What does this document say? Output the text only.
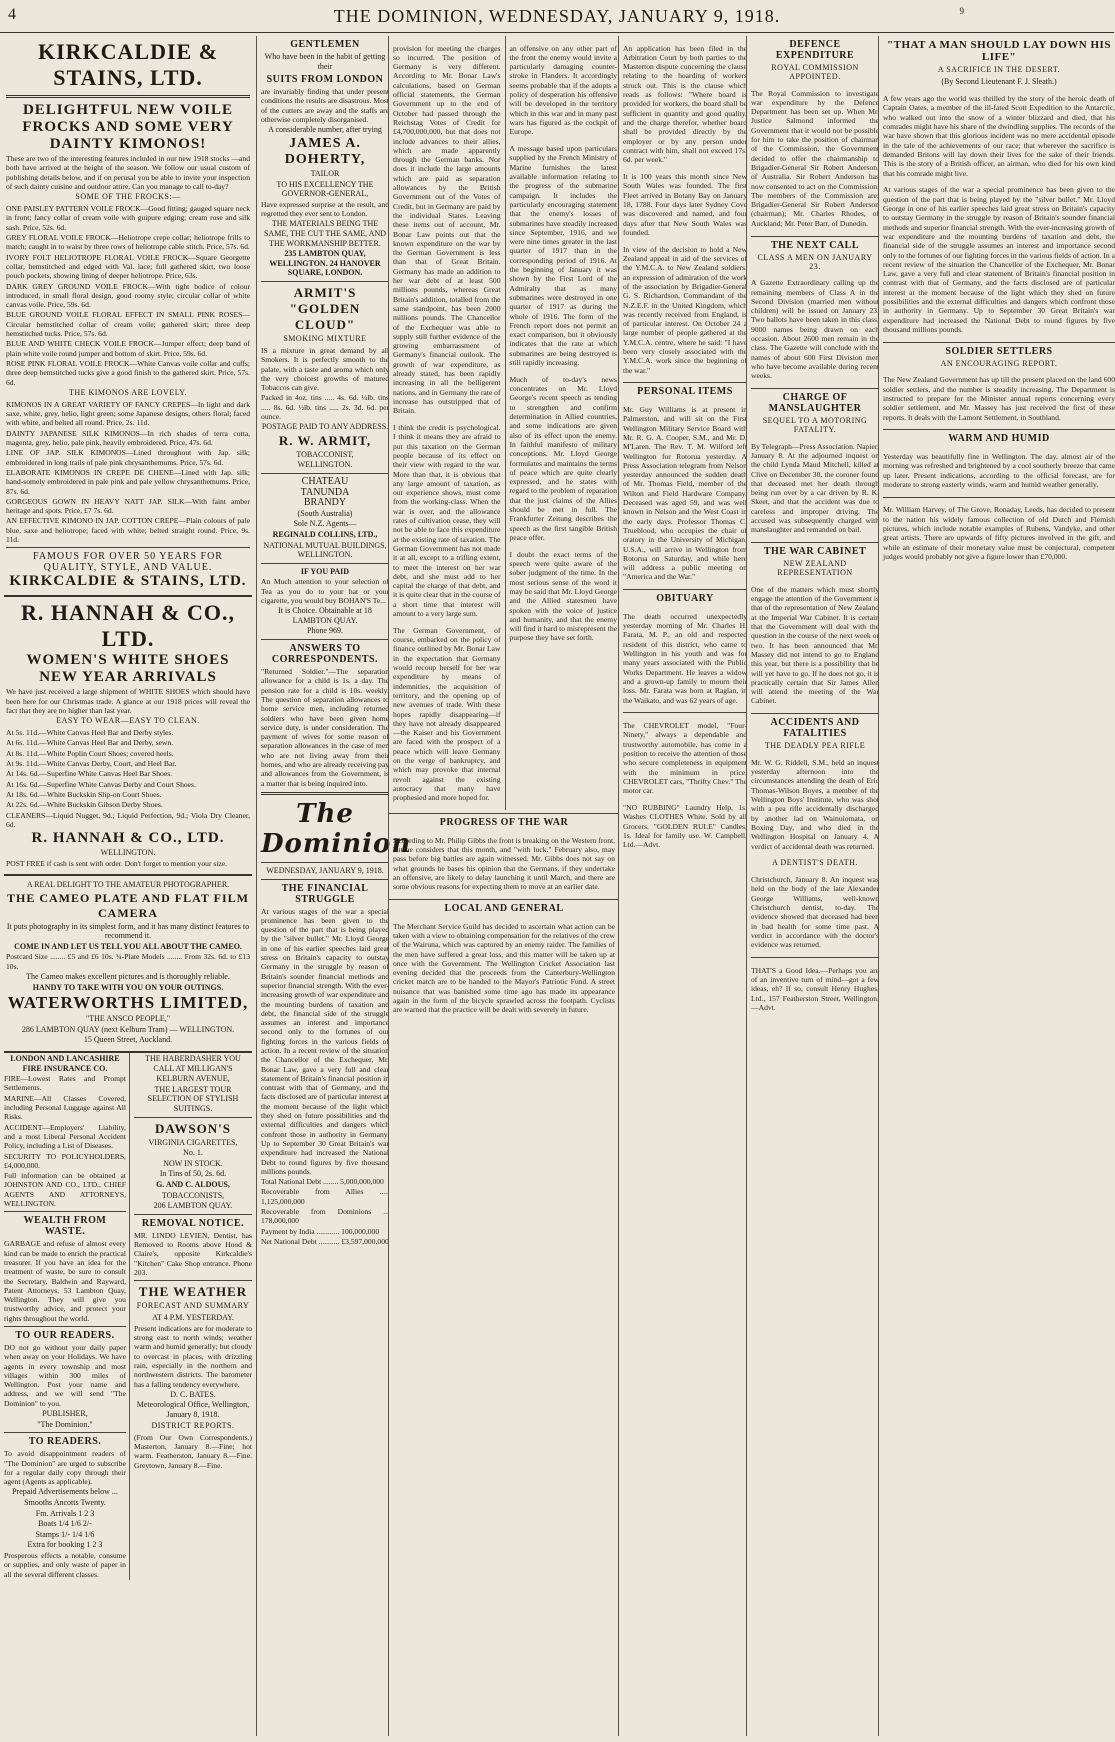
4	THE DOMINION, WEDNESDAY, JANUARY 9, 1918.	9
KIRKCALDIE & STAINS, LTD.
DELIGHTFUL NEW VOILE FROCKS AND SOME VERY DAINTY KIMONOS!

These are two of the interesting features included in our new 1918 stocks —and both have arrived at the height of the season. We follow our usual custom of publishing details below, and if on perusal you be able to invite your inspection of such dainty cuisine and outdoor attire, Can you manage to call to-day?

SOME OF THE FROCKS:—

ONE PAISLEY PATTERN VOILE FROCK—Good fitting; gauged square neck in front; fancy collar of cream voile with guipure edging; cream rose and silk sash. Price, 52s. 6d.

GREY FLORAL VOILE FROCK—Heliotrope crepe collar; heliotrope frills to match; caught in to waist by three rows of heliotrope cable stitch. Price, 57s. 6d.

IVORY FOLT HELIOTROPE FLORAL VOILE FROCK—Square Georgette collar, hemstitched and edged with Val. lace; full gathered skirt, two loose pouch pockets, showing lining of deeper heliotrope. Price, 63s.

DARK GREY GROUND VOILE FROCK—With tight bodice of colour introduced, in small floral design, good roomy style; circular collar of white canvas voile. Price, 59s. 6d.

BLUE GROUND VOILE FLORAL EFFECT IN SMALL PINK ROSES—Circular hemstitched collar of cream voile; gathered skirt; three deep hemstitched tucks. Price, 57s. 6d.

BLUE AND WHITE CHECK VOILE FROCK—Jumper effect; deep band of plain white voile round jumper and bottom of skirt. Price, 59s. 6d.

ROSE PINK FLORAL VOILE FROCK—White Canvas voile collar and cuffs; three deep hemstitched tucks give a good finish to the gathered skirt. Price, 57s. 6d.

THE KIMONOS ARE LOVELY.

KIMONOS IN A GREAT VARIETY OF FANCY CREPES—In light and dark saxe, white, grey, helio, light green; some Japanese designs, others floral; faced with white, and belted all round. Price, 2s. 11d.

DAINTY JAPANESE SILK KIMONOS—In rich shades of terra cotta, magenta, grey, helio, pale pink, heavily embroidered. Price, 47s. 6d.

LINE OF JAP. SILK KIMONOS—Lined throughout with Jap. silk; embroidered in long trails of pale pink chrysanthemums. Price, 57s. 6d.

ELABORATE KIMONOS IN CREPE DE CHENE—Lined with Jap. silk; hand-somely embroidered in pale pink and pale yellow chrysanthemums. Price, 87s. 6d.

GORGEOUS GOWN IN HEAVY NATT JAP. SILK—With faint amber heritage and spots. Price, £7 7s. 6d.

AN EFFECTIVE KIMONO IN JAP. COTTON CREPE—Plain colours of pale blue, saxe and heliotrope; faced with white; belted straight round. Price, 9s. 11d.

FAMOUS FOR OVER 50 YEARS FOR QUALITY, STYLE, AND VALUE.
KIRKCALDIE & STAINS, LTD.
R. HANNAH & CO., LTD.
WOMEN'S WHITE SHOES
NEW YEAR ARRIVALS

We have just received a large shipment of WHITE SHOES which should have been here for our Christmas trade. A glance at our 1918 prices will reveal the fact that they are no higher than last year.

EASY TO WEAR—EASY TO CLEAN.

At 5s. 11d.—White Canvas Heel Bar and Derby styles.

At 6s. 11d.—White Canvas Heel Bar and Derby, sewn.

At 8s. 11d.—White Poplin Court Shoes; covered heels.

At 9s. 11d.—White Canvas Derby, Court, and Heel Bar.

At 14s. 6d.—Superfine White Canvas Heel Bar Shoes.

At 16s. 6d.—Superfine White Canvas Derby and Court Shoes.

At 18s. 6d.—White Buckskin Slip-on Court Shoes.

At 22s. 6d.—White Buckskin Gibson Derby Shoes.

CLEANERS—Liquid Nugget, 9d.; Liquid Perfection, 9d.; Viola Dry Cleaner, 6d.

R. HANNAH & CO., LTD.
WELLINGTON.

POST FREE if cash is sent with order. Don't forget to mention your size.

A REAL DELIGHT TO THE AMATEUR PHOTOGRAPHER.
THE CAMEO PLATE AND FLAT FILM CAMERA

It puts photography in its simplest form, and it has many distinct features to recommend it.

COME IN AND LET US TELL YOU ALL ABOUT THE CAMEO.

Postcard Size ........ £5 and £6 10s. ¼-Plate Models ........ From 32s. 6d. to £13 10s.

The Cameo makes excellent pictures and is thoroughly reliable.

HANDY TO TAKE WITH YOU ON YOUR OUTINGS.
WATERWORTHS LIMITED,
"THE ANSCO PEOPLE,"
286 LAMBTON QUAY (next Kelburn Tram) — WELLINGTON.
15 Queen Street, Auckland.
LONDON AND LANCASHIRE FIRE INSURANCE CO.

FIRE—Lowest Rates and Prompt Settlements.

MARINE—All Classes Covered, including Personal Luggage against All Risks.

ACCIDENT—Employers' Liability, and a most Liberal Personal Accident Policy, including a List of Diseases.

SECURITY TO POLICYHOLDERS, £4,000,000.

Full information can be obtained at JOHNSTON AND CO., LTD., CHIEF AGENTS AND ATTORNEYS, WELLINGTON.

WEALTH FROM WASTE.

GARBAGE and refuse of almost every kind can be made to enrich the practical treasurer. If you have an idea for the treatment of waste, be sure to consult the Secretary, Baldwin and Rayward, Patent Attorneys, 53 Lambton Quay, Wellington. They will give you trustworthy advice, and protect your rights throughout the world.

TO OUR READERS.

DO not go without your daily paper when away on your Holidays. We have agents in every township and most villages within 300 miles of Wellington. Post your name and address, and we will send "The Dominion" to you.

PUBLISHER,
"The Dominion."
TO READERS.

To avoid disappointment readers of "The Dominion" are urged to subscribe for a regular daily copy through their agent (Agents as applicable).

Prepaid Advertisements below ...
Smooths Ancotts Twenty.
Fm. Arrivals 1 2 3
Boats 1/4 1/6 2/-
Stamps 1/- 1/4 1/6
Extra for booking 1 2 3

Prosperous effects a notable, consume or supplies, and only waste of paper in all the several different classes.

THE HABERDASHER YOU CALL AT MILLIGAN'S

KELBURN AVENUE,

THE LARGEST TOUR SELECTION OF STYLISH SUITINGS.

DAWSON'S
VIRGINIA CIGARETTES,
No. 1.
NOW IN STOCK.
In Tins of 50, 2s. 6d.
G. AND C. ALDOUS,
TOBACCONISTS,
206 LAMBTON QUAY.
REMOVAL NOTICE.

MR. LINDO LEVIEN, Dentist, has Removed to Rooms above Hood & Claire's, opposite Kirkcaldie's "Kitchen" Cake Shop entrance. Phone 203.

THE WEATHER
FORECAST AND SUMMARY
AT 4 P.M. YESTERDAY.

Present indications are for moderate to strong east to north winds; weather warm and humid generally; but cloudy to overcast in places, with drizzling rain, especially in the northern and northwestern districts. The barometer has a falling tendency everywhere.

D. C. BATES.
Meteorological Office, Wellington, January 8, 1918.
DISTRICT REPORTS.

(From Our Own Correspondents.) Masterton, January 8.—Fine; hot warm. Featherston, January 8.—Fine. Greytown, January 8.—Fine.

GENTLEMEN

Who have been in the habit of getting their

SUITS FROM LONDON

are invariably finding that under present conditions the results are disastrous. Most of the cutters are away and the staffs are otherwise completely disorganised.

A considerable number, after trying

JAMES A. DOHERTY,
TAILOR
TO HIS EXCELLENCY THE GOVERNOR-GENERAL,

Have expressed surprise at the result, and regretted they ever sent to London.

THE MATERIALS BEING THE SAME, THE CUT THE SAME, AND THE WORKMANSHIP BETTER.

235 LAMBTON QUAY, WELLINGTON. 24 HANOVER SQUARE, LONDON.

ARMIT'S
"GOLDEN CLOUD"
SMOKING MIXTURE

IS a mixture in great demand by all Smokers. It is perfectly smooth to the palate, with a taste and aroma which only the very choicest growths of matured Tobaccos can give.

Packed in 4oz. tins ..... 4s. 6d. ¼lb. tins ..... 8s. 6d. ½lb. tins ..... 2s. 3d. 6d. per ounce.

POSTAGE PAID TO ANY ADDRESS.
R. W. ARMIT,
TOBACCONIST,
WELLINGTON.
CHATEAU
TANUNDA
BRANDY
(South Australia)
Sole N.Z. Agents—
REGINALD COLLINS, LTD.,
NATIONAL MUTUAL BUILDINGS, WELLINGTON.
IF YOU PAID

An Much attention to your selection of Tea as you do to your hat or your cigarette, you would buy BOHAN'S Te...

It is Choice. Obtainable at 18 LAMBTON QUAY.

Phone 969.
ANSWERS TO CORRESPONDENTS.

"Returned Soldier."—The separation allowance for a child is 1s. a day. The pension rate for a child is 10s. weekly. The question of separation allowances to home service men, including returned soldiers who have been given home service duty, is under consideration. The payment of wives for some reason of separation allowances in the case of men who are not living away from their homes, and who are already receiving pay and allowances from the Government, is a matter that is being inquired into.

The Dominion
WEDNESDAY, JANUARY 9, 1918.
THE FINANCIAL STRUGGLE

At various stages of the war a special prominence has been given to the question of the part that is being played by the "silver bullet." Mr. Lloyd George in one of his earlier speeches laid great stress on Britain's capacity to outstay Germany in the struggle by reason of Britain's sounder financial methods and superior financial strength. With the ever-increasing growth of war expenditure and the mounting burdens of taxation and debt, the financial side of the struggle assumes an interest and importance second only to the fortunes of our fighting forces in the various fields of action. In a recent review of the situation the Chancellor of the Exchequer, Mr. Bonar Law, gave a very full and clear statement of Britain's financial position in contrast with that of Germany, and the facts disclosed are of particular interest at the moment because of the light which they shed on future possibilities and the external difficulties and dangers which confront those in authority in Germany. Up to September 30 Great Britain's war expenditure had increased the National Debt to round figures by five thousand millions pounds.

Total National Debt ........ 5,000,000,000

Recoverable from Allies ..... 1,125,000,000

Recoverable from Dominions ... 178,000,000

Payment by India ............ 100,000,000

Net National Debt ........... £3,597,000,000

provision for meeting the charges so incurred. The position of Germany is very different. According to Mr. Bonar Law's calculations, based on German official statements, the German Government up to the end of October had passed through the Reichstag Votes of Credit for £4,700,000,000, but that does not include advances to their allies, which are made apparently through the German banks. Nor does it include the large amounts which are paid as separation allowances by the British Government out of the Votes of Credit, but in Germany are paid by the individual States. Leaving these items out of account, Mr. Bonar Law points out that the known expenditure on the war by the German Government is less than that of Great Britain. Germany has made an addition to her war debt of at least 500 millions pounds, whereas Great Britain's addition, totalled from the same standpoint, has been 2000 millions pounds. The Chancellor of the Exchequer was able to supply still further evidence of the growing embarrassment of Germany's financial outlook. The growth of war expenditure, as already stated, has been rapidly increasing in all the belligerent nations, and in Germany the rate of increase has outstripped that of Britain.

I think the credit is psychological. I think it means they are afraid to put this taxation on the German people because of its effect on their view with regard to the war. More than that, it is obvious that any large amount of taxation, as our experience shows, must come from the working-class. When the war is over, and the allowance rates of cultivation cease, they will not be able to face this expenditure at the existing rate of taxation. The German Government has not made it at all, except to a trifling extent, to meet the interest on her war debt, and she must add to her capital the charge of that debt, and it is quite clear that in the course of a short time that interest will amount to a very large sum.

The German Government, of course, embarked on the policy of finance outlined by Mr. Bonar Law in the expectation that Germany would recoup herself for her war expenditure by means of indemnities, the acquisition of territory, and the opening up of new avenues of trade. With these hopes rapidly disappearing—if they have not already disappeared—the Kaiser and his Government are faced with the prospect of a peace which will leave Germany on the verge of bankruptcy, and which may provoke that internal revolt against the existing autocracy that many have prophesied and more hoped for.

an offensive on any other part of the front the enemy would invite a particularly damaging counter-stroke in Flanders. It accordingly seems probable that if the adopts a policy of desperation his offensive will be developed in the territory which in this war and in many past wars has figured as the cockpit of Europe.

A message based upon particulars supplied by the French Ministry of Marine furnishes the latest available information relating to the progress of the submarine campaign. It includes the particularly encouraging statement that the enemy's losses of submarines have steadily increased since September, 1916, and we were nine times greater in the last quarter of 1917 than in the corresponding period of 1916. At the beginning of January it was shown by the First Lord of the Admiralty that as many submarines were destroyed in one quarter of 1917 as during the whole of 1916. The form of the French report does not permit an exact comparison, but it obviously indicates that the rate at which submarines are being destroyed is still rapidly increasing.

Much of to-day's news concentrates on Mr. Lloyd George's recent speech as tending to strengthen and confirm determination in Allied countries, and some indications are given also of its effect upon the enemy. In faithful manifesto of military conceptions. Mr. Lloyd George formulates and maintains the terms of peace which are quite clearly expressed, and he states with regard to the problem of reparation that the just claims of the Allies should be met in full. The Frankfurter Zeitung describes the speech as the first tangible British peace offer.

I doubt the exact terms of the speech were quite aware of the sober judgment of the time. In the most serious sense of the word it may be said that Mr. Lloyd George and the Allied statesmen have spoken with the voice of justice and humanity, and that the enemy will find it hard to misrepresent the purpose they have set forth.

PROGRESS OF THE WAR

According to Mr. Philip Gibbs the front is breaking on the Western front, but he considers that this month, and "with luck," February also, may pass before big battles are again witnessed. Mr. Gibbs does not say on what grounds he bases his opinion that the Germans, if they undertake an offensive, are likely to delay launching it until March, and there are some obvious reasons for expecting them to move at an earlier date.

LOCAL AND GENERAL

The Merchant Service Guild has decided to ascertain what action can be taken with a view to obtaining compensation for the relatives of the crew of the Wairuna, which was captured by an enemy raider. The families of the men have suffered a great loss, and this matter will be taken up at once with the Government. The Wellington Cricket Association last evening decided that the proceeds from the Canterbury-Wellington cricket match are to be handed to the Mayor's Patriotic Fund. A street nuisance that was banished some time ago has made its appearance again in the form of the bicycle sprawled across the footpath. Cyclists are warned that the practice will be dealt with severely in future.

An application has been filed in the Arbitration Court by both parties to the Masterton dispute concerning the clause relating to the hoarding of workers struck out. This is the clause which reads as follows: "Where board is provided for workers, the board shall be sufficient in quantity and good quality, and the charge therefor, whether board shall be provided directly by the employer or by any person under contract with him, shall not exceed 17s. 6d. per week."

It is 100 years this month since New South Wales was founded. The first Fleet arrived in Botany Bay on January 18, 1788. Four days later Sydney Cove was discovered and named, and four days after that New South Wales was founded.

In view of the decision to hold a New Zealand appeal in aid of the services of the Y.M.C.A. to New Zealand soldiers, an expression of admiration of the work of the association by Brigadier-General G. S. Richardson, Commandant of the N.Z.E.F. in the United Kingdom, which was recently received from England, is of particular interest. On October 24 a large number of people gathered at the Y.M.C.A. centre, where he said: "I have been very closely associated with the Y.M.C.A. work since the beginning of the war."

PERSONAL ITEMS

Mr. Guy Williams is at present in Palmerston, and will sit on the First Wellington Military Service Board with Mr. R. G. A. Cooper, S.M., and Mr. D. M'Laren. The Rev. T. M. Wilford left Wellington for Rotorua yesterday. A Press Association telegram from Nelson yesterday announced the sudden death of Mr. Thomas Field, member of the Wilton and Field Hardware Company. Deceased was aged 59, and was well known in Nelson and the West Coast in the early days. Professor Thomas C. Trueblood, who occupies the chair of oratory in the University of Michigan, U.S.A., will arrive in Wellington from Rotorua on Saturday, and while here will address a public meeting on "America and the War."

OBITUARY

The death occurred unexpectedly yesterday morning of Mr. Charles H. Farata, M. P., an old and respected resident of this district, who came to Wellington in his youth and was for many years associated with the Public Works Department. He leaves a widow and a grown-up family to mourn their loss. Mr. Farata was born at Raglan, in the Waikato, and was 62 years of age.

The CHEVROLET model, "Four-Ninety," always a dependable and trustworthy automobile, has come in a position to receive the attention of those who secure completeness in equipment with the minimum in price. CHEVROLET cars, "Thrifty Chev." The motor car.

"NO RUBBING" Laundry Help, 1s. Washes CLOTHES White. Sold by all Grocers. "GOLDEN RULE" Candles, 1s. Ideal for family use. W. Campbell, Ltd.—Advt.

DEFENCE EXPENDITURE
ROYAL COMMISSION APPOINTED.

The Royal Commission to investigate war expenditure by the Defence Department has been set up. When Mr. Justice Salmond informed the Government that it would not be possible for him to take the position of chairman of the Commission, the Government decided to offer the chairmanship to Brigadier-General Sir Robert Anderson, of Australia. Sir Robert Anderson has now consented to act on the Commission. The members of the Commission are: Brigadier-General Sir Robert Anderson (chairman); Mr. Charles Rhodes, of Auckland; Mr. Peter Barr, of Dunedin.

THE NEXT CALL
CLASS A MEN ON JANUARY 23.

A Gazette Extraordinary calling up the remaining members of Class A in the Second Division (married men without children) will be issued on January 23. Two ballots have been taken in this class, 9000 names being drawn on each occasion. About 2600 men remain in the class. The Gazette will conclude with the names of about 600 First Division men who have become available during recent weeks.

CHARGE OF MANSLAUGHTER
SEQUEL TO A MOTORING FATALITY.

By Telegraph—Press Association. Napier, January 8. At the adjourned inquest on the child Lynda Maud Mitchell, killed at Clive on December 30, the coroner found that deceased met her death through being run over by a car driven by R. K. Skeet, and that the accident was due to careless and improper driving. The accused was subsequently charged with manslaughter and remanded on bail.

THE WAR CABINET
NEW ZEALAND REPRESENTATION

One of the matters which must shortly engage the attention of the Government is that of the representation of New Zealand at the Imperial War Cabinet. It is certain that the Government will deal with the question in the course of the next week or two. It has been announced that Mr. Massey did not intend to go to England this year, but there is a possibility that he will yet have to go. If he does not go, it is practically certain that Sir James Allen will attend the meeting of the War Cabinet.

ACCIDENTS AND FATALITIES
THE DEADLY PEA RIFLE

Mr. W. G. Riddell, S.M., held an inquest yesterday afternoon into the circumstances attending the death of Eric Thomas-Wilson Boyes, a member of the Wellington Boys' Institute, who was shot with a pea rifle accidentally discharged by another lad on Wainuiomata, on Boxing Day, and who died in the Wellington Hospital on January 4. A verdict of accidental death was returned.

A DENTIST'S DEATH.

Christchurch, January 8. An inquest was held on the body of the late Alexander George Williams, well-known Christchurch dentist, to-day. The evidence showed that deceased had been in bad health for some time past. A verdict in accordance with the doctor's evidence was returned.

THAT'S a Good Idea.—Perhaps you are of an inventive turn of mind—got a few ideas, eh? If so, consult Henry Hughes, Ltd., 157 Featherston Street, Wellington.—Advt.

"THAT A MAN SHOULD LAY DOWN HIS LIFE"
A SACRIFICE IN THE DESERT.
(By Second Lieutenant F. J. Sleath.)

A few years ago the world was thrilled by the story of the heroic death of Captain Oates, a member of the ill-fated Scott Expedition to the Antarctic, who walked out into the snow of a winter blizzard and died, that his comrades might have his share of the dwindling supplies. The records of the war have shown that this glorious incident was no mere accidental episode in the tale of the achievements of our race; that wherever the sacrifice is demanded Britons will lay down their lives for the sake of their friends. This is the story of a British officer, an airman, who died for his own kind that his comrade might live.

At various stages of the war a special prominence has been given to the question of the part that is being played by the "silver bullet." Mr. Lloyd George in one of his earlier speeches laid great stress on Britain's capacity to outstay Germany in the struggle by reason of Britain's sounder financial methods and superior financial strength. With the ever-increasing growth of war expenditure and the mounting burdens of taxation and debt, the financial side of the struggle assumes an interest and importance second only to the fortunes of our fighting forces in the various fields of action. In a recent review of the situation the Chancellor of the Exchequer, Mr. Bonar Law, gave a very full and clear statement of Britain's financial position in contrast with that of Germany, and the facts disclosed are of particular interest at the moment because of the light which they shed on future possibilities and the external difficulties and dangers which confront those in authority in Germany. Up to September 30 Great Britain's war expenditure had increased the National Debt to round figures by five thousand millions pounds.

SOLDIER SETTLERS
AN ENCOURAGING REPORT.

The New Zealand Government has up till the present placed on the land 600 soldier settlers, and the number is steadily increasing. The Department is instructed to prepare for the Minister annual reports concerning every soldier settlement, and Mr. Massey has just received the first of these reports. It deals with the Lamont Settlement, in Southland.

WARM AND HUMID

Yesterday was beautifully fine in Wellington. The day, almost air of the morning was refreshed and brightened by a cool southerly breeze that came up later. Present indications, according to the official forecast, are for moderate to strong easterly winds, warm and humid weather generally.

Mr. William Harvey, of The Grove, Ronaday, Leeds, has decided to present to the nation his widely famous collection of old Dutch and Flemish pictures, which include notable examples of Rubens, Vandyke, and other great artists. There are upwards of fifty pictures involved in the gift, and while an estimate of their monetary value must be conjectural, competent judges would probably not give a figure lower than £70,000.
